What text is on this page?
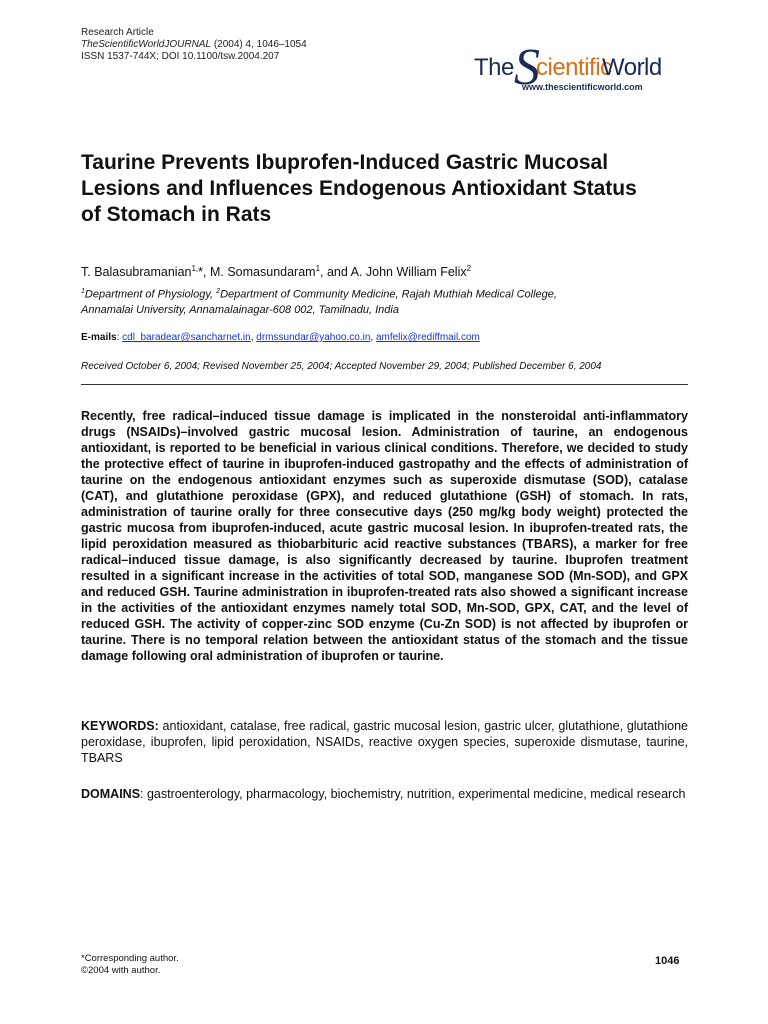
Research Article
TheScientificWorldJOURNAL (2004) 4, 1046–1054
ISSN 1537-744X; DOI 10.1100/tsw.2004.207	The S
cientific
World
www.thescientificworld.com
Taurine Prevents Ibuprofen-Induced Gastric Mucosal Lesions and Influences Endogenous Antioxidant Status of Stomach in Rats
T. Balasubramanian$^{1,}$*, M. Somasundaram$^1$, and A. John William Felix$^2$
$^1$Department of Physiology, $^2$Department of Community Medicine, Rajah Muthiah Medical College, Annamalai University, Annamalainagar-608 002, Tamilnadu, India
E-mails: cdl_baradear@sancharnet.in, drmssundar@yahoo.co.in, amfelix@rediffmail.com
Received October 6, 2004; Revised November 25, 2004; Accepted November 29, 2004; Published December 6, 2004
Recently, free radical–induced tissue damage is implicated in the nonsteroidal anti-inflammatory drugs (NSAIDs)–involved gastric mucosal lesion. Administration of taurine, an endogenous antioxidant, is reported to be beneficial in various clinical conditions. Therefore, we decided to study the protective effect of taurine in ibuprofen-induced gastropathy and the effects of administration of taurine on the endogenous antioxidant enzymes such as superoxide dismutase (SOD), catalase (CAT), and glutathione peroxidase (GPX), and reduced glutathione (GSH) of stomach. In rats, administration of taurine orally for three consecutive days (250 mg/kg body weight) protected the gastric mucosa from ibuprofen-induced, acute gastric mucosal lesion. In ibuprofen-treated rats, the lipid peroxidation measured as thiobarbituric acid reactive substances (TBARS), a marker for free radical–induced tissue damage, is also significantly decreased by taurine. Ibuprofen treatment resulted in a significant increase in the activities of total SOD, manganese SOD (Mn-SOD), and GPX and reduced GSH. Taurine administration in ibuprofen-treated rats also showed a significant increase in the activities of the antioxidant enzymes namely total SOD, Mn-SOD, GPX, CAT, and the level of reduced GSH. The activity of copper-zinc SOD enzyme (Cu-Zn SOD) is not affected by ibuprofen or taurine. There is no temporal relation between the antioxidant status of the stomach and the tissue damage following oral administration of ibuprofen or taurine.
KEYWORDS: antioxidant, catalase, free radical, gastric mucosal lesion, gastric ulcer, glutathione, glutathione peroxidase, ibuprofen, lipid peroxidation, NSAIDs, reactive oxygen species, superoxide dismutase, taurine, TBARS
DOMAINS: gastroenterology, pharmacology, biochemistry, nutrition, experimental medicine, medical research
*Corresponding author.
©2004 with author.
1046
